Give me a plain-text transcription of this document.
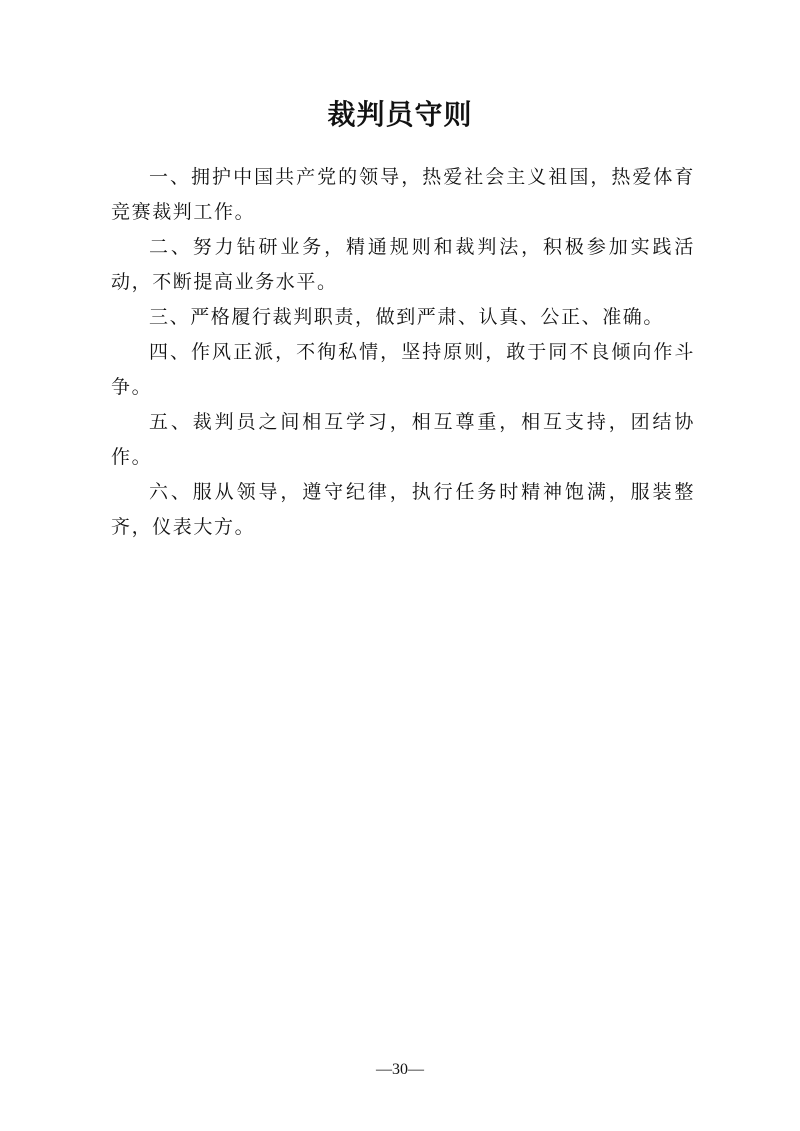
裁判员守则

一、拥护中国共产党的领导，热爱社会主义祖国，热爱体育竞赛裁判工作。

二、努力钻研业务，精通规则和裁判法，积极参加实践活动，不断提高业务水平。

三、严格履行裁判职责，做到严肃、认真、公正、准确。

四、作风正派，不徇私情，坚持原则，敢于同不良倾向作斗争。

五、裁判员之间相互学习，相互尊重，相互支持，团结协作。

六、服从领导，遵守纪律，执行任务时精神饱满，服装整齐，仪表大方。

—30—
